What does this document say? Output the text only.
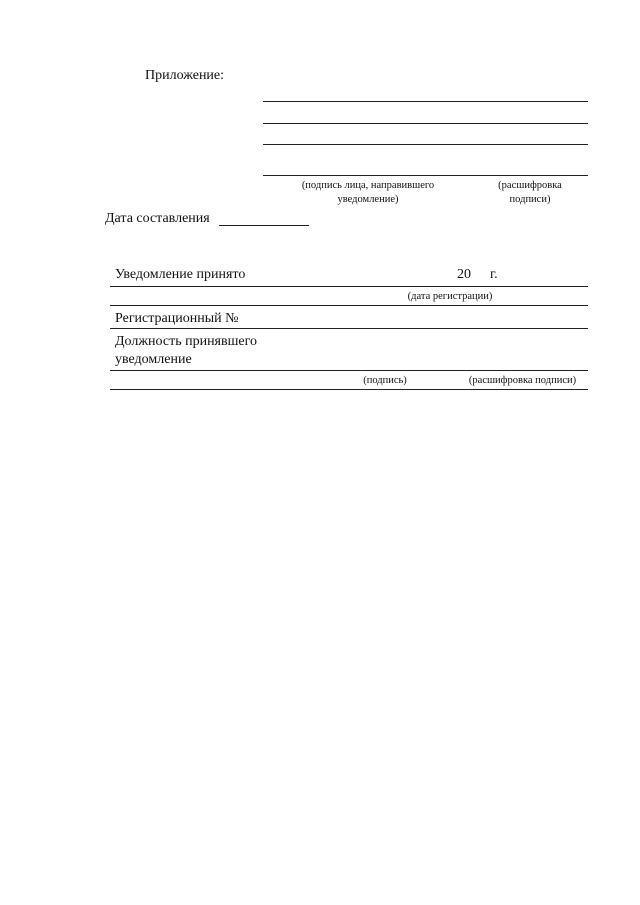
Приложение:
(подпись лица, направившего
уведомление)
(расшифровка
подписи)
Дата составления
Уведомление принято	20 г.
(дата регистрации)
Регистрационный №
Должность принявшего
уведомление
(подпись)	(расшифровка подписи)
